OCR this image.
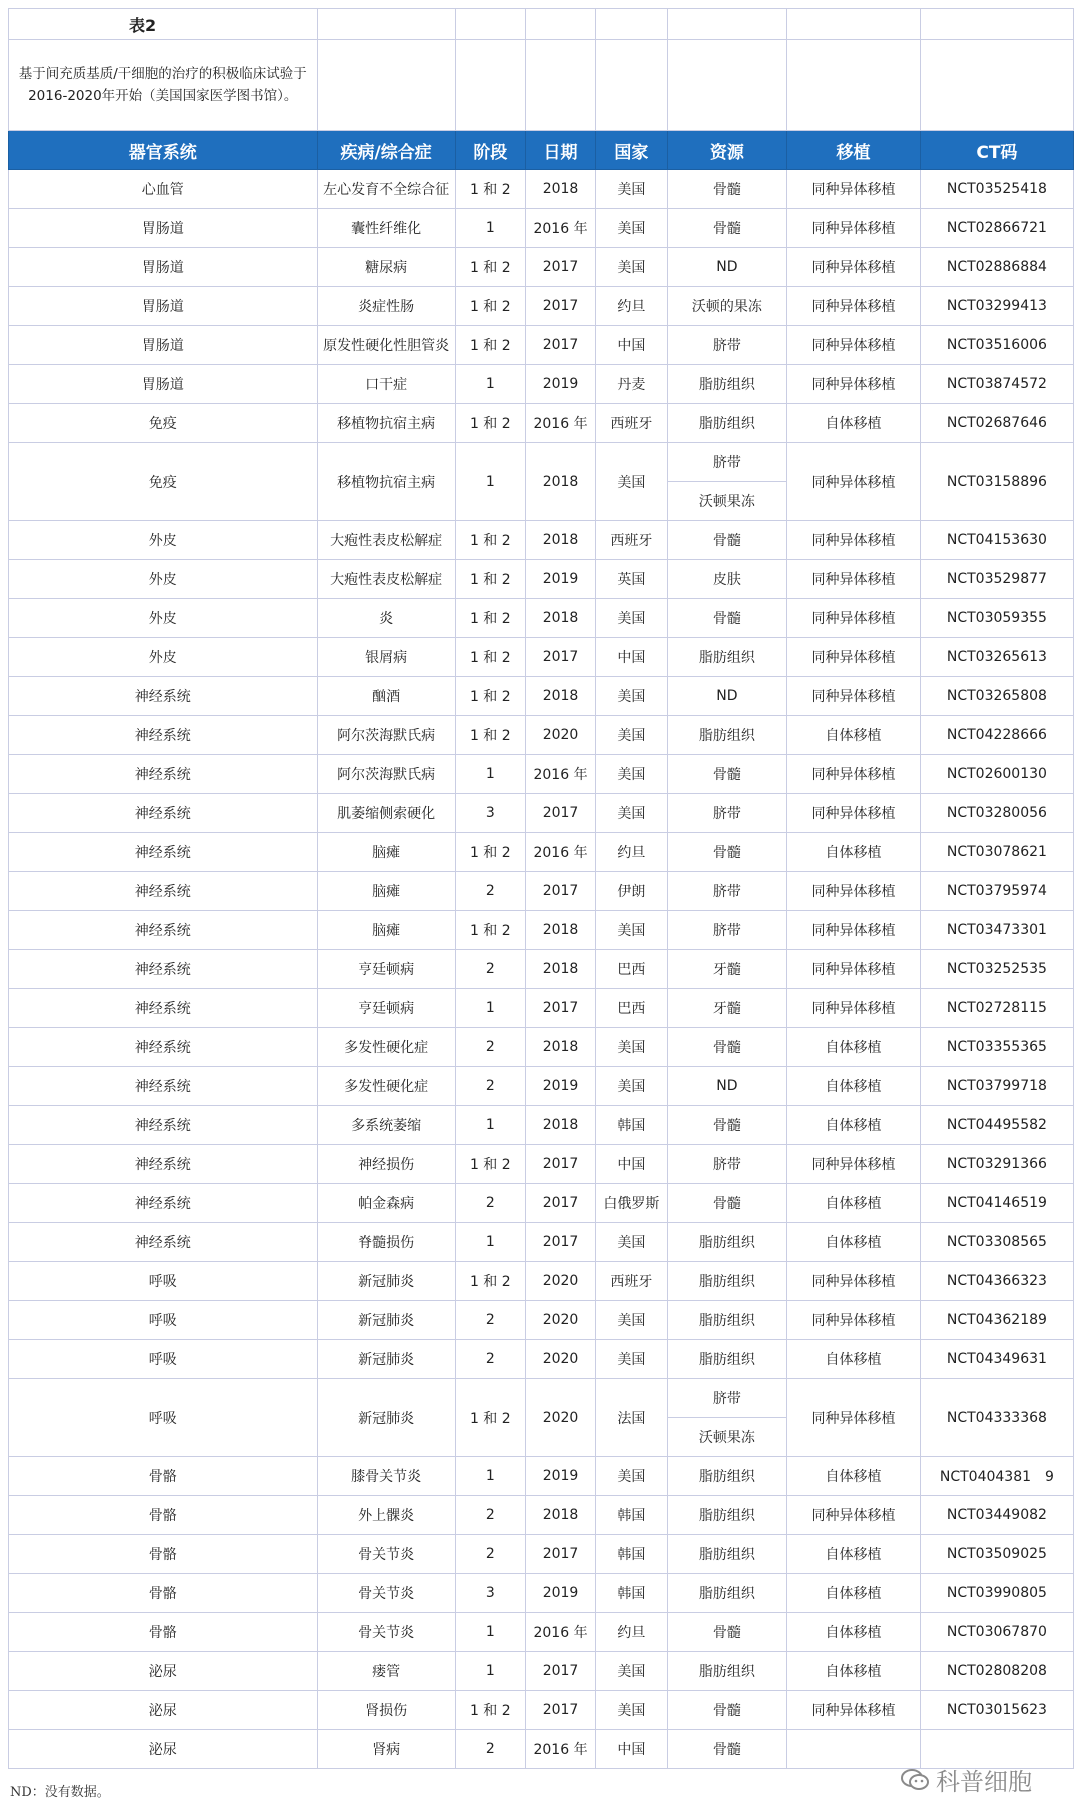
表2							
基于间充质基质/干细胞的治疗的积极临床试验于2016-2020年开始（美国国家医学图书馆）。							
器官系统	疾病/综合症	阶段	日期	国家	资源	移植	CT码
心血管	左心发育不全综合征	1 和 2	2018	美国	骨髓	同种异体移植	NCT03525418
胃肠道	囊性纤维化	1	2016 年	美国	骨髓	同种异体移植	NCT02866721
胃肠道	糖尿病	1 和 2	2017	美国	ND	同种异体移植	NCT02886884
胃肠道	炎症性肠	1 和 2	2017	约旦	沃顿的果冻	同种异体移植	NCT03299413
胃肠道	原发性硬化性胆管炎	1 和 2	2017	中国	脐带	同种异体移植	NCT03516006
胃肠道	口干症	1	2019	丹麦	脂肪组织	同种异体移植	NCT03874572
免疫	移植物抗宿主病	1 和 2	2016 年	西班牙	脂肪组织	自体移植	NCT02687646
免疫	移植物抗宿主病	1	2018	美国	脐带	同种异体移植	NCT03158896
					沃顿果冻		
外皮	大疱性表皮松解症	1 和 2	2018	西班牙	骨髓	同种异体移植	NCT04153630
外皮	大疱性表皮松解症	1 和 2	2019	英国	皮肤	同种异体移植	NCT03529877
外皮	炎	1 和 2	2018	美国	骨髓	同种异体移植	NCT03059355
外皮	银屑病	1 和 2	2017	中国	脂肪组织	同种异体移植	NCT03265613
神经系统	酗酒	1 和 2	2018	美国	ND	同种异体移植	NCT03265808
神经系统	阿尔茨海默氏病	1 和 2	2020	美国	脂肪组织	自体移植	NCT04228666
神经系统	阿尔茨海默氏病	1	2016 年	美国	骨髓	同种异体移植	NCT02600130
神经系统	肌萎缩侧索硬化	3	2017	美国	脐带	同种异体移植	NCT03280056
神经系统	脑瘫	1 和 2	2016 年	约旦	骨髓	自体移植	NCT03078621
神经系统	脑瘫	2	2017	伊朗	脐带	同种异体移植	NCT03795974
神经系统	脑瘫	1 和 2	2018	美国	脐带	同种异体移植	NCT03473301
神经系统	亨廷顿病	2	2018	巴西	牙髓	同种异体移植	NCT03252535
神经系统	亨廷顿病	1	2017	巴西	牙髓	同种异体移植	NCT02728115
神经系统	多发性硬化症	2	2018	美国	骨髓	自体移植	NCT03355365
神经系统	多发性硬化症	2	2019	美国	ND	自体移植	NCT03799718
神经系统	多系统萎缩	1	2018	韩国	骨髓	自体移植	NCT04495582
神经系统	神经损伤	1 和 2	2017	中国	脐带	同种异体移植	NCT03291366
神经系统	帕金森病	2	2017	白俄罗斯	骨髓	自体移植	NCT04146519
神经系统	脊髓损伤	1	2017	美国	脂肪组织	自体移植	NCT03308565
呼吸	新冠肺炎	1 和 2	2020	西班牙	脂肪组织	同种异体移植	NCT04366323
呼吸	新冠肺炎	2	2020	美国	脂肪组织	同种异体移植	NCT04362189
呼吸	新冠肺炎	2	2020	美国	脂肪组织	自体移植	NCT04349631
呼吸	新冠肺炎	1 和 2	2020	法国	脐带	同种异体移植	NCT04333368
					沃顿果冻		
骨骼	膝骨关节炎	1	2019	美国	脂肪组织	自体移植	NCT0404381　9
骨骼	外上髁炎	2	2018	韩国	脂肪组织	同种异体移植	NCT03449082
骨骼	骨关节炎	2	2017	韩国	脂肪组织	自体移植	NCT03509025
骨骼	骨关节炎	3	2019	韩国	脂肪组织	自体移植	NCT03990805
骨骼	骨关节炎	1	2016 年	约旦	骨髓	自体移植	NCT03067870
泌尿	瘘管	1	2017	美国	脂肪组织	自体移植	NCT02808208
泌尿	肾损伤	1 和 2	2017	美国	骨髓	同种异体移植	NCT03015623
泌尿	肾病	2	2016 年	中国	骨髓		
ND：没有数据。	科普细胞
